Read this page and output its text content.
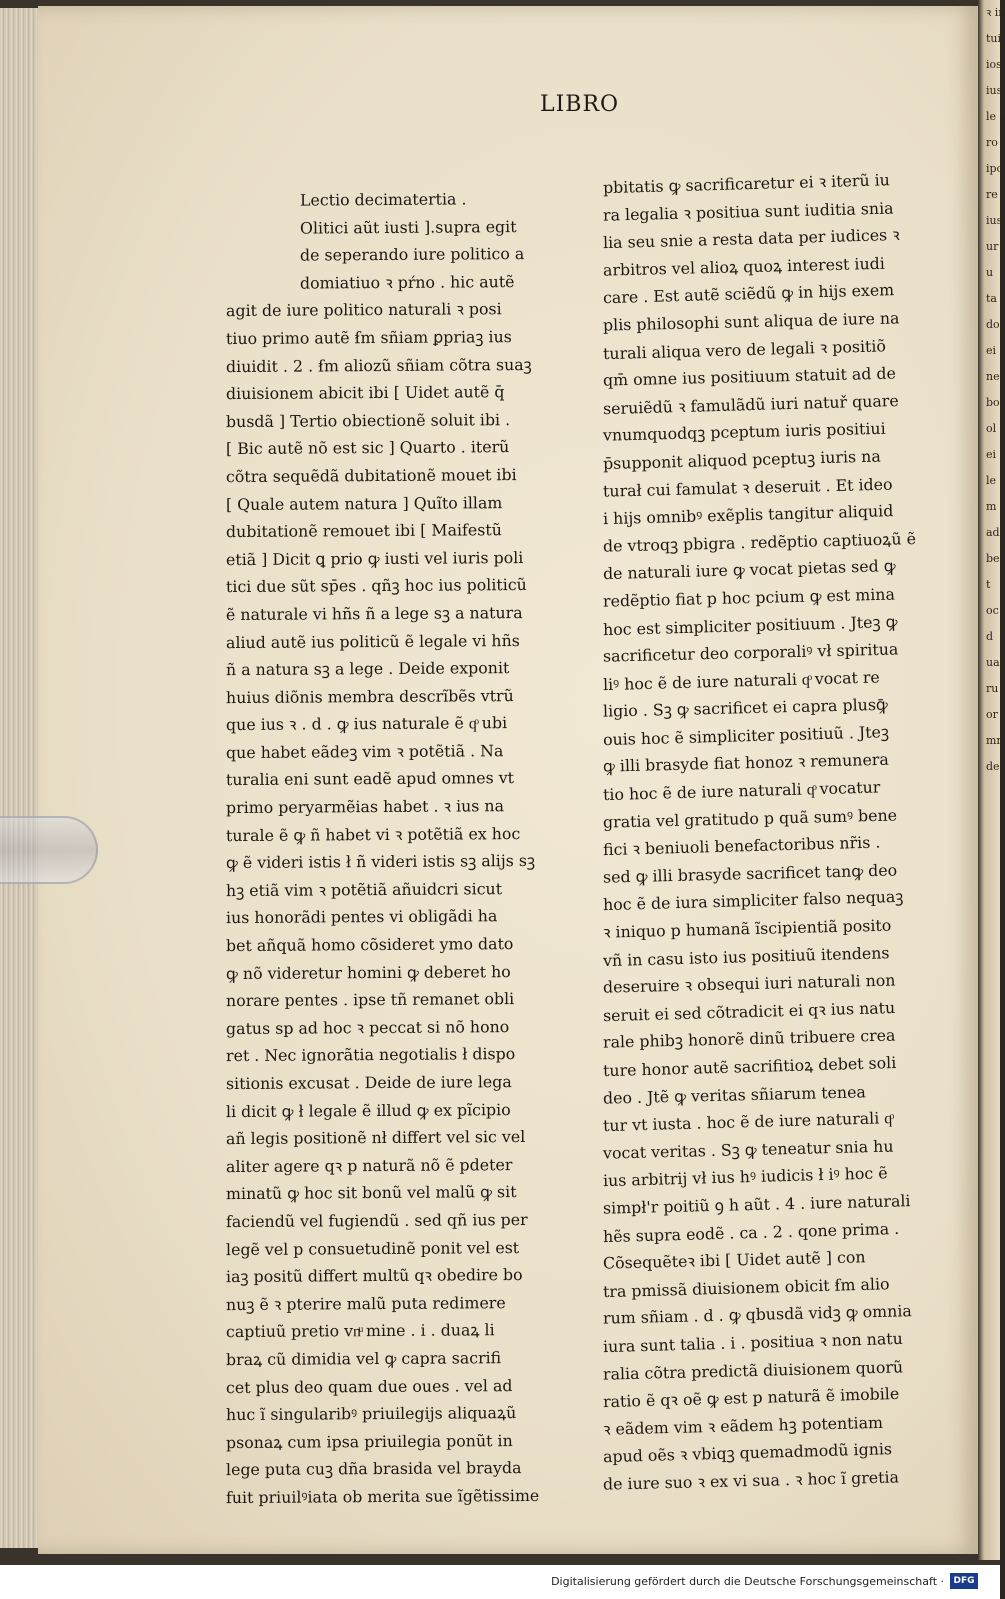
ꝛ in
tui
ios
ius
le s
ro
ipo
re
ius
ur
u
ta
do
ei
ne
bo
ol
ei
le
m
ad
be
t
oc
d
ua
ru
or
mn
de
LIBRO
Lectio decimatertia .
Olitici aũt iusti ].supra egit
de seperando iure politico a
domiatiuo ꝛ pŕno . hic autẽ
agit de iure politico naturali ꝛ posi
tiuo primo autẽ ẜm sñiam ꝑpriaꝫ ius
diuidit . 2 . ẜm aliozũ sñiam cõtra suaꝫ
diuisionem abicit ibi [ Uidet autẽ q̄
busdã ] Tertio obiectionẽ soluit ibi .
[ Bic autẽ nõ est sic ] Quarto . iterũ
cõtra sequẽdã dubitationẽ mouet ibi
[ Quale autem natura ] Quĩto illam
dubitationẽ remouet ibi [ Maifestũ
etiã ] Dicit ꝗ prio ꝙ iusti vel iuris poli
tici due sũt sp̄es . qñꝫ hoc ius politicũ
ẽ naturale vi hñs ñ a lege sꝫ a natura
aliud autẽ ius politicũ ẽ legale vi hñs
ñ a natura sꝫ a lege . Deide exponit
huius diõnis membra descrĩbẽs vtrũ
que ius ꝛ . d . ꝙ ius naturale ẽ qͦ ubi
que habet eãdeꝫ vim ꝛ potẽtiã . Na
turalia eni sunt eadẽ apud omnes vt
primo peryarmẽias habet . ꝛ ius na
turale ẽ ꝙ ñ habet vi ꝛ potẽtiã ex hoc
ꝙ ẽ videri istis ł ñ videri istis sꝫ alijs sꝫ
hꝫ etiã vim ꝛ potẽtiã añuidcri sicut
ius honorãdi pentes vi obligãdi ha
bet añquã homo cõsideret ymo dato
ꝙ nõ videretur homini ꝙ deberet ho
norare pentes . ipse tñ remanet obli
gatus sp ad hoc ꝛ peccat si nõ hono
ret . Nec ignorãtia negotialis ł dispo
sitionis excusat . Deide de iure lega
li dicit ꝙ ł legale ẽ illud ꝙ ex pĩcipio
añ legis positionẽ nł differt vel sic vel
aliter agere qꝛ p naturã nõ ẽ pdeter
minatũ ꝙ hoc sit bonũ vel malũ ꝙ sit
faciendũ vel fugiendũ . sed qñ ius per
legẽ vel p consuetudinẽ ponit vel est
iaꝫ positũ differt multũ qꝛ obedire bo
nuꝫ ẽ ꝛ pterire malũ puta redimere
captiuũ pretio vnͧ mine . i . duaꝝ li
braꝝ cũ dimidia vel ꝙ capra sacrifi
cet plus deo quam due oues . vel ad
huc ĩ singularibꝰ priuilegijs aliquaꝝũ
psonaꝝ cum ipsa priuilegia ponũt in
lege puta cuꝫ dña brasida vel brayda
fuit priuilꝰiata ob merita sue ĩgẽtissime
pbitatis ꝙ sacrificaretur ei ꝛ iterũ iu
ra legalia ꝛ positiua sunt iuditia snia
lia seu snie a resta data per iudices ꝛ
arbitros vel alioꝝ quoꝝ interest iudi
care . Est autẽ sciẽdũ ꝙ in hijs exem
plis philosophi sunt aliqua de iure na
turali aliqua vero de legali ꝛ positiõ
qm̄ omne ius positiuum statuit ad de
seruiẽdũ ꝛ famulãdũ iuri natuř quare
vnumquodqꝫ pceptum iuris positiui
p̄supponit aliquod pceptuꝫ iuris na
turał cui famulat ꝛ deseruit . Et ideo
i hijs omnibꝰ exẽplis tangitur aliquid
de vtroqꝫ pbigra . redẽptio captiuoꝝũ ẽ
de naturali iure ꝙ vocat pietas sed ꝙ
redẽptio fiat p hoc pcium ꝙ est mina
hoc est simpliciter positiuum . Jteꝫ ꝙ
sacrificetur deo corporaliꝰ vł spiritua
liꝰ hoc ẽ de iure naturali qͦ vocat re
ligio . Sꝫ ꝙ sacrificet ei capra plusꝙ̄
ouis hoc ẽ simpliciter positiuũ . Jteꝫ
ꝙ illi brasyde fiat honoz ꝛ remunera
tio hoc ẽ de iure naturali qͦ vocatur
gratia vel gratitudo p quã sumꝰ bene
fici ꝛ beniuoli benefactoribus nr̃is .
sed ꝙ illi brasyde sacrificet tanꝙ deo
hoc ẽ de iura simpliciter falso nequaꝫ
ꝛ iniquo p humanã ĩscipientiã posito
vñ in casu isto ius positiuũ itendens
deseruire ꝛ obsequi iuri naturali non
seruit ei sed cõtradicit ei qꝛ ius natu
rale phibꝫ honorẽ dinũ tribuere crea
ture honor autẽ sacrifitioꝝ debet soli
deo . Jtẽ ꝙ veritas sñiarum tenea
tur vt iusta . hoc ẽ de iure naturali qͦ
vocat veritas . Sꝫ ꝙ teneatur snia hu
ius arbitrij vł ius hꝰ iudicis ł iꝰ hoc ẽ
simpł'r poitiũ ꝯ h aũt . 4 . iure naturali
hẽs supra eodẽ . ca . 2 . qone prima .
Cõsequẽteꝛ ibi [ Uidet autẽ ] con
tra pmissã diuisionem obicit ẜm alio
rum sñiam . d . ꝙ qbusdã vidꝫ ꝙ omnia
iura sunt talia . i . positiua ꝛ non natu
ralia cõtra predictã diuisionem quorũ
ratio ẽ qꝛ oẽ ꝙ est p naturã ẽ imobile
ꝛ eãdem vim ꝛ eãdem hꝫ potentiam
apud oẽs ꝛ vbiqꝫ quemadmodũ ignis
de iure suo ꝛ ex vi sua . ꝛ hoc ĩ gretia
Digitalisierung gefördert durch die Deutsche Forschungsgemeinschaft ·	DFG
